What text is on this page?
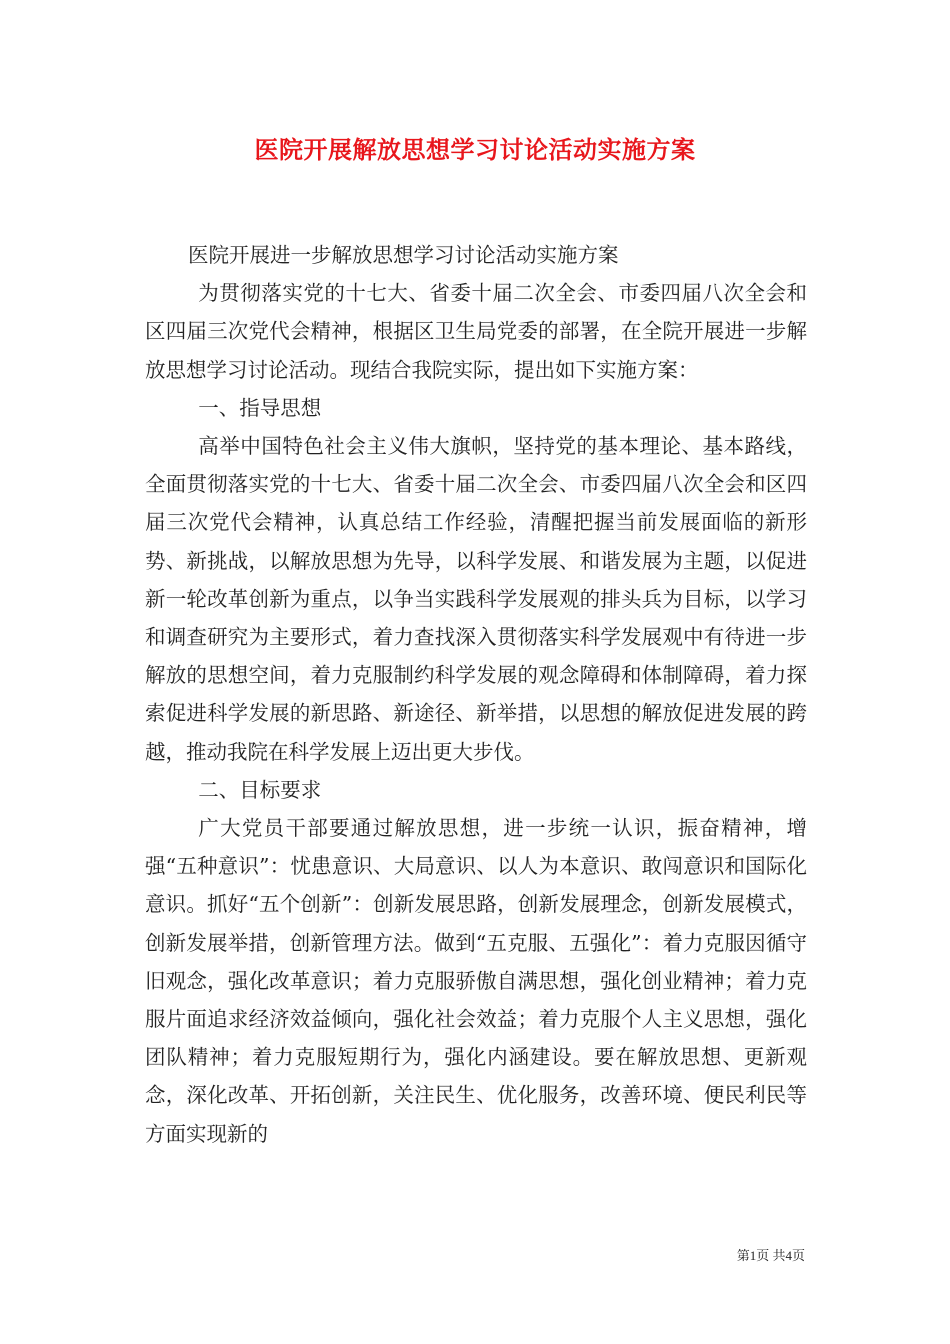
医院开展解放思想学习讨论活动实施方案

医院开展进一步解放思想学习讨论活动实施方案

为贯彻落实党的十七大、省委十届二次全会、市委四届八次全会和区四届三次党代会精神，根据区卫生局党委的部署，在全院开展进一步解放思想学习讨论活动。现结合我院实际，提出如下实施方案：

一、指导思想

高举中国特色社会主义伟大旗帜，坚持党的基本理论、基本路线，全面贯彻落实党的十七大、省委十届二次全会、市委四届八次全会和区四届三次党代会精神，认真总结工作经验，清醒把握当前发展面临的新形势、新挑战，以解放思想为先导，以科学发展、和谐发展为主题，以促进新一轮改革创新为重点，以争当实践科学发展观的排头兵为目标，以学习和调查研究为主要形式，着力查找深入贯彻落实科学发展观中有待进一步解放的思想空间，着力克服制约科学发展的观念障碍和体制障碍，着力探索促进科学发展的新思路、新途径、新举措，以思想的解放促进发展的跨越，推动我院在科学发展上迈出更大步伐。

二、目标要求

广大党员干部要通过解放思想，进一步统一认识，振奋精神，增强“五种意识”：忧患意识、大局意识、以人为本意识、敢闯意识和国际化意识。抓好“五个创新”：创新发展思路，创新发展理念，创新发展模式，创新发展举措，创新管理方法。做到“五克服、五强化”：着力克服因循守旧观念，强化改革意识；着力克服骄傲自满思想，强化创业精神；着力克服片面追求经济效益倾向，强化社会效益；着力克服个人主义思想，强化团队精神；着力克服短期行为，强化内涵建设。要在解放思想、更新观念，深化改革、开拓创新，关注民生、优化服务，改善环境、便民利民等方面实现新的

第1页 共4页
